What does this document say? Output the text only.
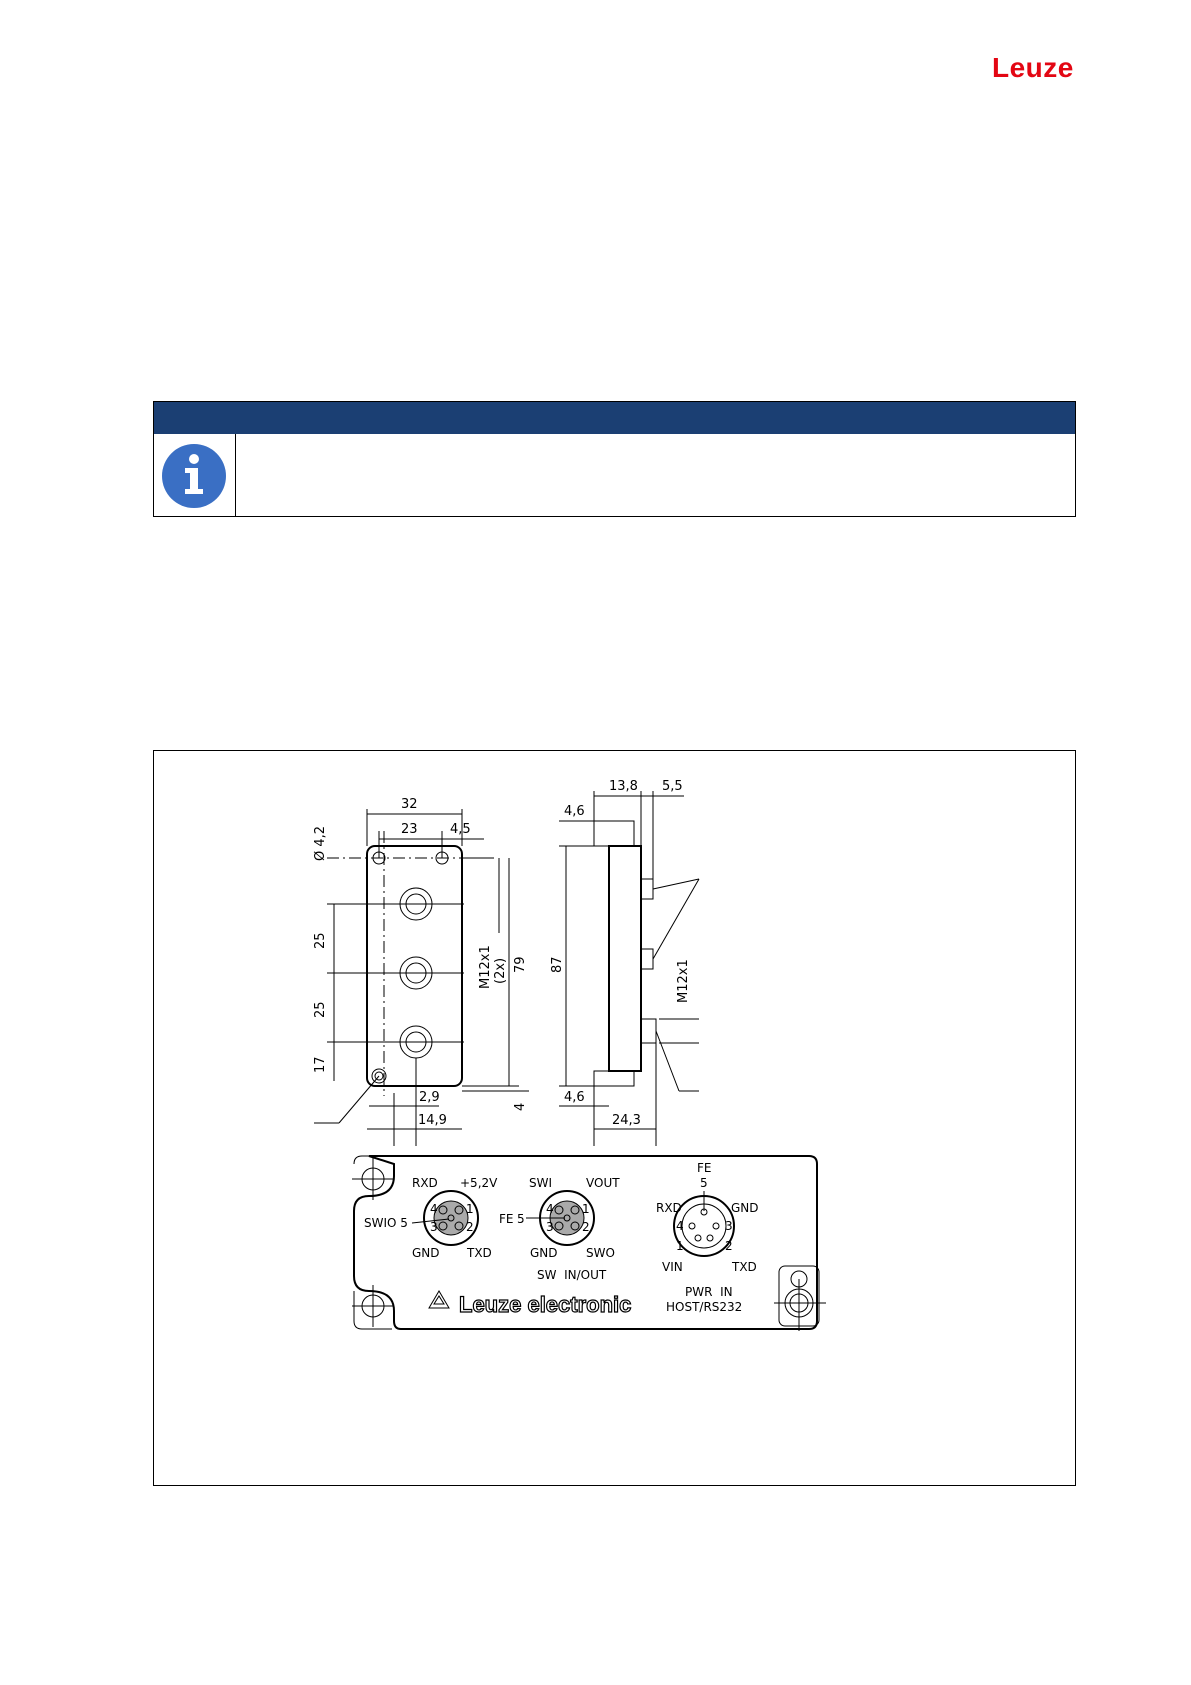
Leuze
32
23 4,5
Ø 4,2
25
25
17
M12x1 (2x) 79
4
2,9
14,9
13,8 5,5
4,6
87	M12x1
4,6
24,3
RXD +5,2V
SWIO 5
GND TXD
4 1
3 2
SWI	VOUT
FE 5
GND SWO
SW  IN/OUT
4 1
3 2
FE
5
RXD	GND
VIN	TXD
PWR  IN
HOST/RS232
4	3
1	2
Leuze electronic
